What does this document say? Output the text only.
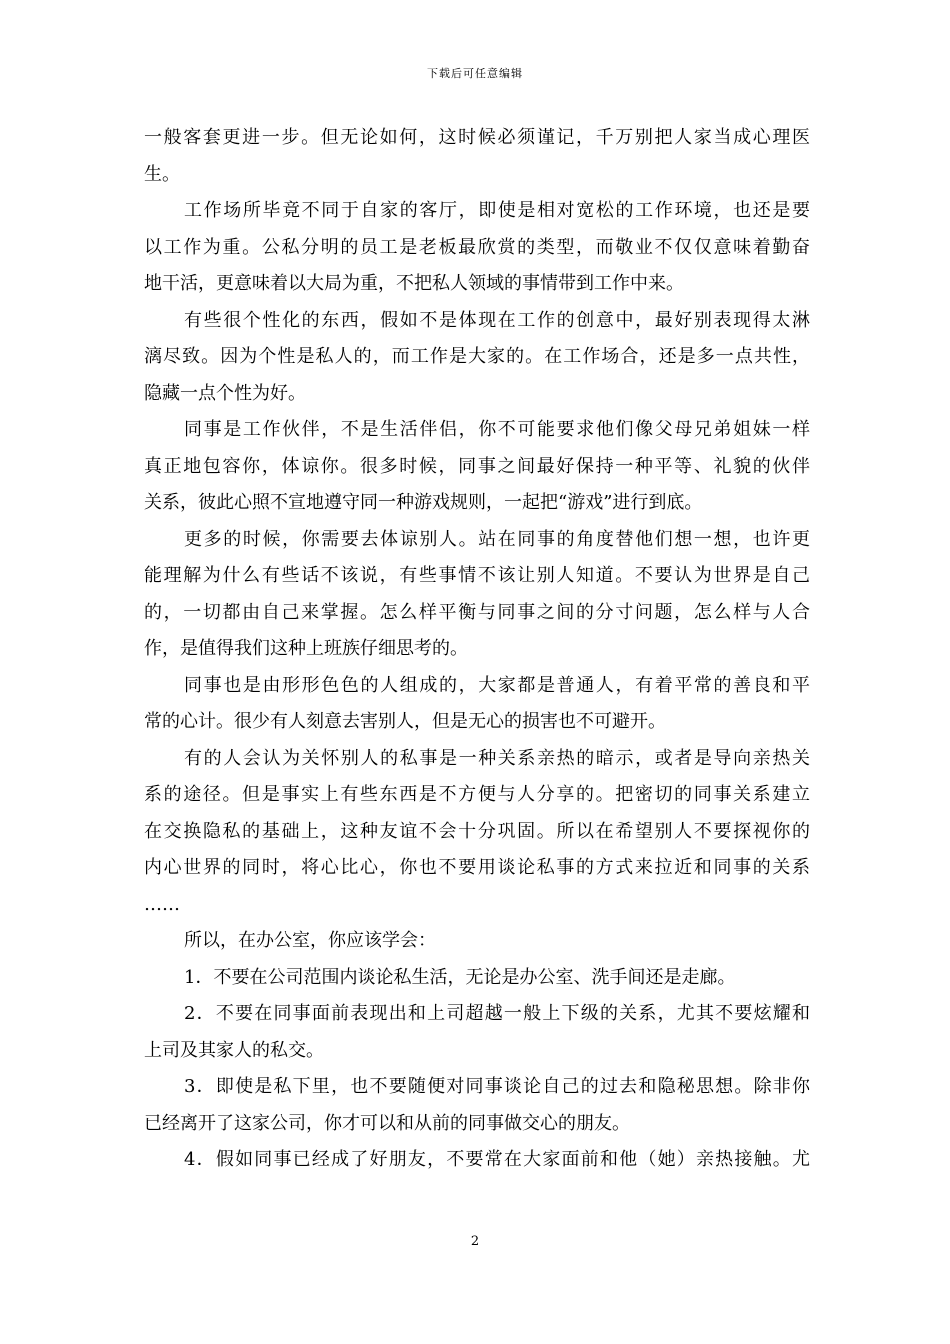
下载后可任意编辑
一般客套更进一步。但无论如何，这时候必须谨记，千万别把人家当成心理医
生。
工作场所毕竟不同于自家的客厅，即使是相对宽松的工作环境，也还是要
以工作为重。公私分明的员工是老板最欣赏的类型，而敬业不仅仅意味着勤奋
地干活，更意味着以大局为重，不把私人领域的事情带到工作中来。
有些很个性化的东西，假如不是体现在工作的创意中，最好别表现得太淋
漓尽致。因为个性是私人的，而工作是大家的。在工作场合，还是多一点共性，
隐藏一点个性为好。
同事是工作伙伴，不是生活伴侣，你不可能要求他们像父母兄弟姐妹一样
真正地包容你，体谅你。很多时候，同事之间最好保持一种平等、礼貌的伙伴
关系，彼此心照不宣地遵守同一种游戏规则，一起把“游戏”进行到底。
更多的时候，你需要去体谅别人。站在同事的角度替他们想一想，也许更
能理解为什么有些话不该说，有些事情不该让别人知道。不要认为世界是自己
的，一切都由自己来掌握。怎么样平衡与同事之间的分寸问题，怎么样与人合
作，是值得我们这种上班族仔细思考的。
同事也是由形形色色的人组成的，大家都是普通人，有着平常的善良和平
常的心计。很少有人刻意去害别人，但是无心的损害也不可避开。
有的人会认为关怀别人的私事是一种关系亲热的暗示，或者是导向亲热关
系的途径。但是事实上有些东西是不方便与人分享的。把密切的同事关系建立
在交换隐私的基础上，这种友谊不会十分巩固。所以在希望别人不要探视你的
内心世界的同时，将心比心，你也不要用谈论私事的方式来拉近和同事的关系
……
所以，在办公室，你应该学会：
1．不要在公司范围内谈论私生活，无论是办公室、洗手间还是走廊。
2．不要在同事面前表现出和上司超越一般上下级的关系，尤其不要炫耀和
上司及其家人的私交。
3．即使是私下里，也不要随便对同事谈论自己的过去和隐秘思想。除非你
已经离开了这家公司，你才可以和从前的同事做交心的朋友。
4．假如同事已经成了好朋友，不要常在大家面前和他（她）亲热接触。尤
2
